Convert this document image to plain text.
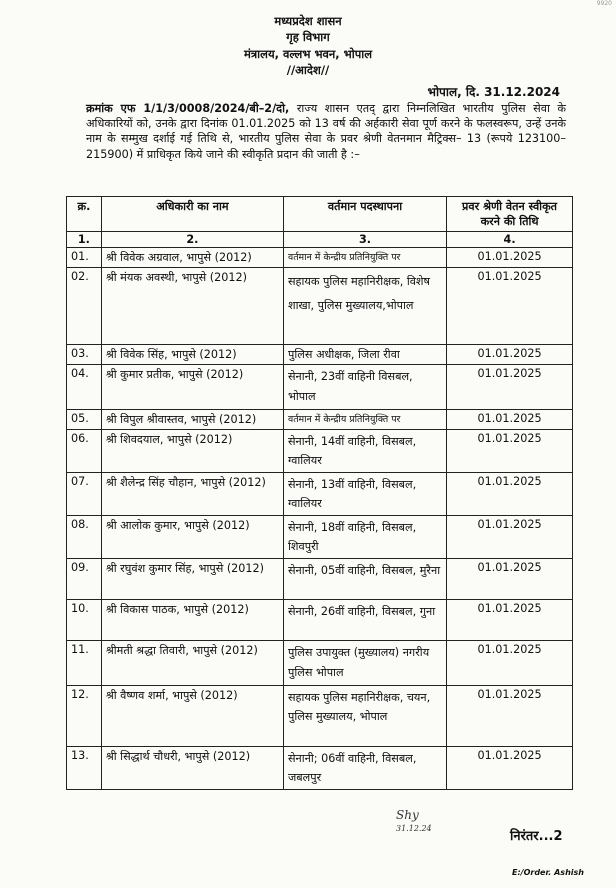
9920
मध्यप्रदेश शासन
गृह विभाग
मंत्रालय, वल्लभ भवन, भोपाल
//आदेश//
भोपाल, दि. 31.12.2024
क्रमांक एफ 1/1/3/0008/2024/बी–2/दो, राज्य शासन एतद् द्वारा निम्नलिखित भारतीय पुलिस सेवा के अधिकारियों को, उनके द्वारा दिनांक 01.01.2025 को 13 वर्ष की अर्हकारी सेवा पूर्ण करने के फलस्वरूप, उन्हें उनके नाम के सम्मुख दर्शाई गई तिथि से, भारतीय पुलिस सेवा के प्रवर श्रेणी वेतनमान मैट्रिक्स– 13 (रूपये 123100–215900) में प्राधिकृत किये जाने की स्वीकृति प्रदान की जाती है :–
क्र.	अधिकारी का नाम	वर्तमान पदस्थापना	प्रवर श्रेणी वेतन स्वीकृत करने की तिथि
1.	2.	3.	4.
01.	श्री विवेक अग्रवाल, भापुसे (2012)	वर्तमान में केन्द्रीय प्रतिनियुक्ति पर	01.01.2025
02.	श्री मंयक अवस्थी, भापुसे (2012)	सहायक पुलिस महानिरीक्षक, विशेष शाखा, पुलिस मुख्यालय,भोपाल	01.01.2025
03.	श्री विवेक सिंह, भापुसे (2012)	पुलिस अधीक्षक, जिला रीवा	01.01.2025
04.	श्री कुमार प्रतीक, भापुसे (2012)	सेनानी, 23वीं वाहिनी विसबल, भोपाल	01.01.2025
05.	श्री विपुल श्रीवास्तव, भापुसे (2012)	वर्तमान में केन्द्रीय प्रतिनियुक्ति पर	01.01.2025
06.	श्री शिवदयाल, भापुसे (2012)	सेनानी, 14वीं वाहिनी, विसबल, ग्वालियर	01.01.2025
07.	श्री शैलेन्द्र सिंह चौहान, भापुसे (2012)	सेनानी, 13वीं वाहिनी, विसबल, ग्वालियर	01.01.2025
08.	श्री आलोक कुमार, भापुसे (2012)	सेनानी, 18वीं वाहिनी, विसबल, शिवपुरी	01.01.2025
09.	श्री रघुवंश कुमार सिंह, भापुसे (2012)	सेनानी, 05वीं वाहिनी, विसबल, मुरैना	01.01.2025
10.	श्री विकास पाठक, भापुसे (2012)	सेनानी, 26वीं वाहिनी, विसबल, गुना	01.01.2025
11.	श्रीमती श्रद्धा तिवारी, भापुसे (2012)	पुलिस उपायुक्त (मुख्यालय) नगरीय पुलिस भोपाल	01.01.2025
12.	श्री वैष्णव शर्मा, भापुसे (2012)	सहायक पुलिस महानिरीक्षक, चयन, पुलिस मुख्यालय, भोपाल	01.01.2025
13.	श्री सिद्धार्थ चौधरी, भापुसे (2012)	सेनानी; 06वीं वाहिनी, विसबल, जबलपुर	01.01.2025
Shy
31.12.24
निरंतर...2
E:/Order. Ashish
